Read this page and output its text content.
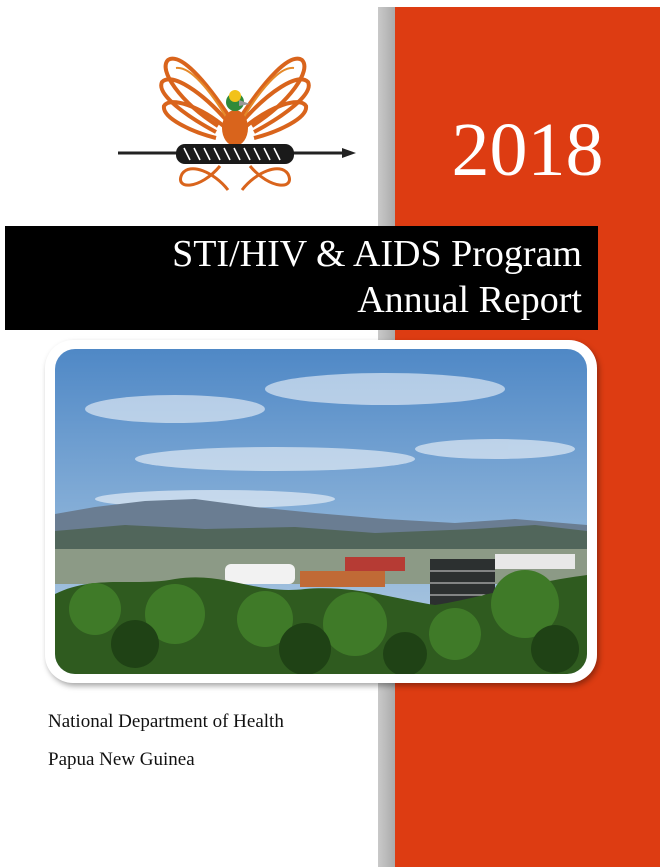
2018
STI/HIV & AIDS Program
Annual Report
National Department of Health
Papua New Guinea
